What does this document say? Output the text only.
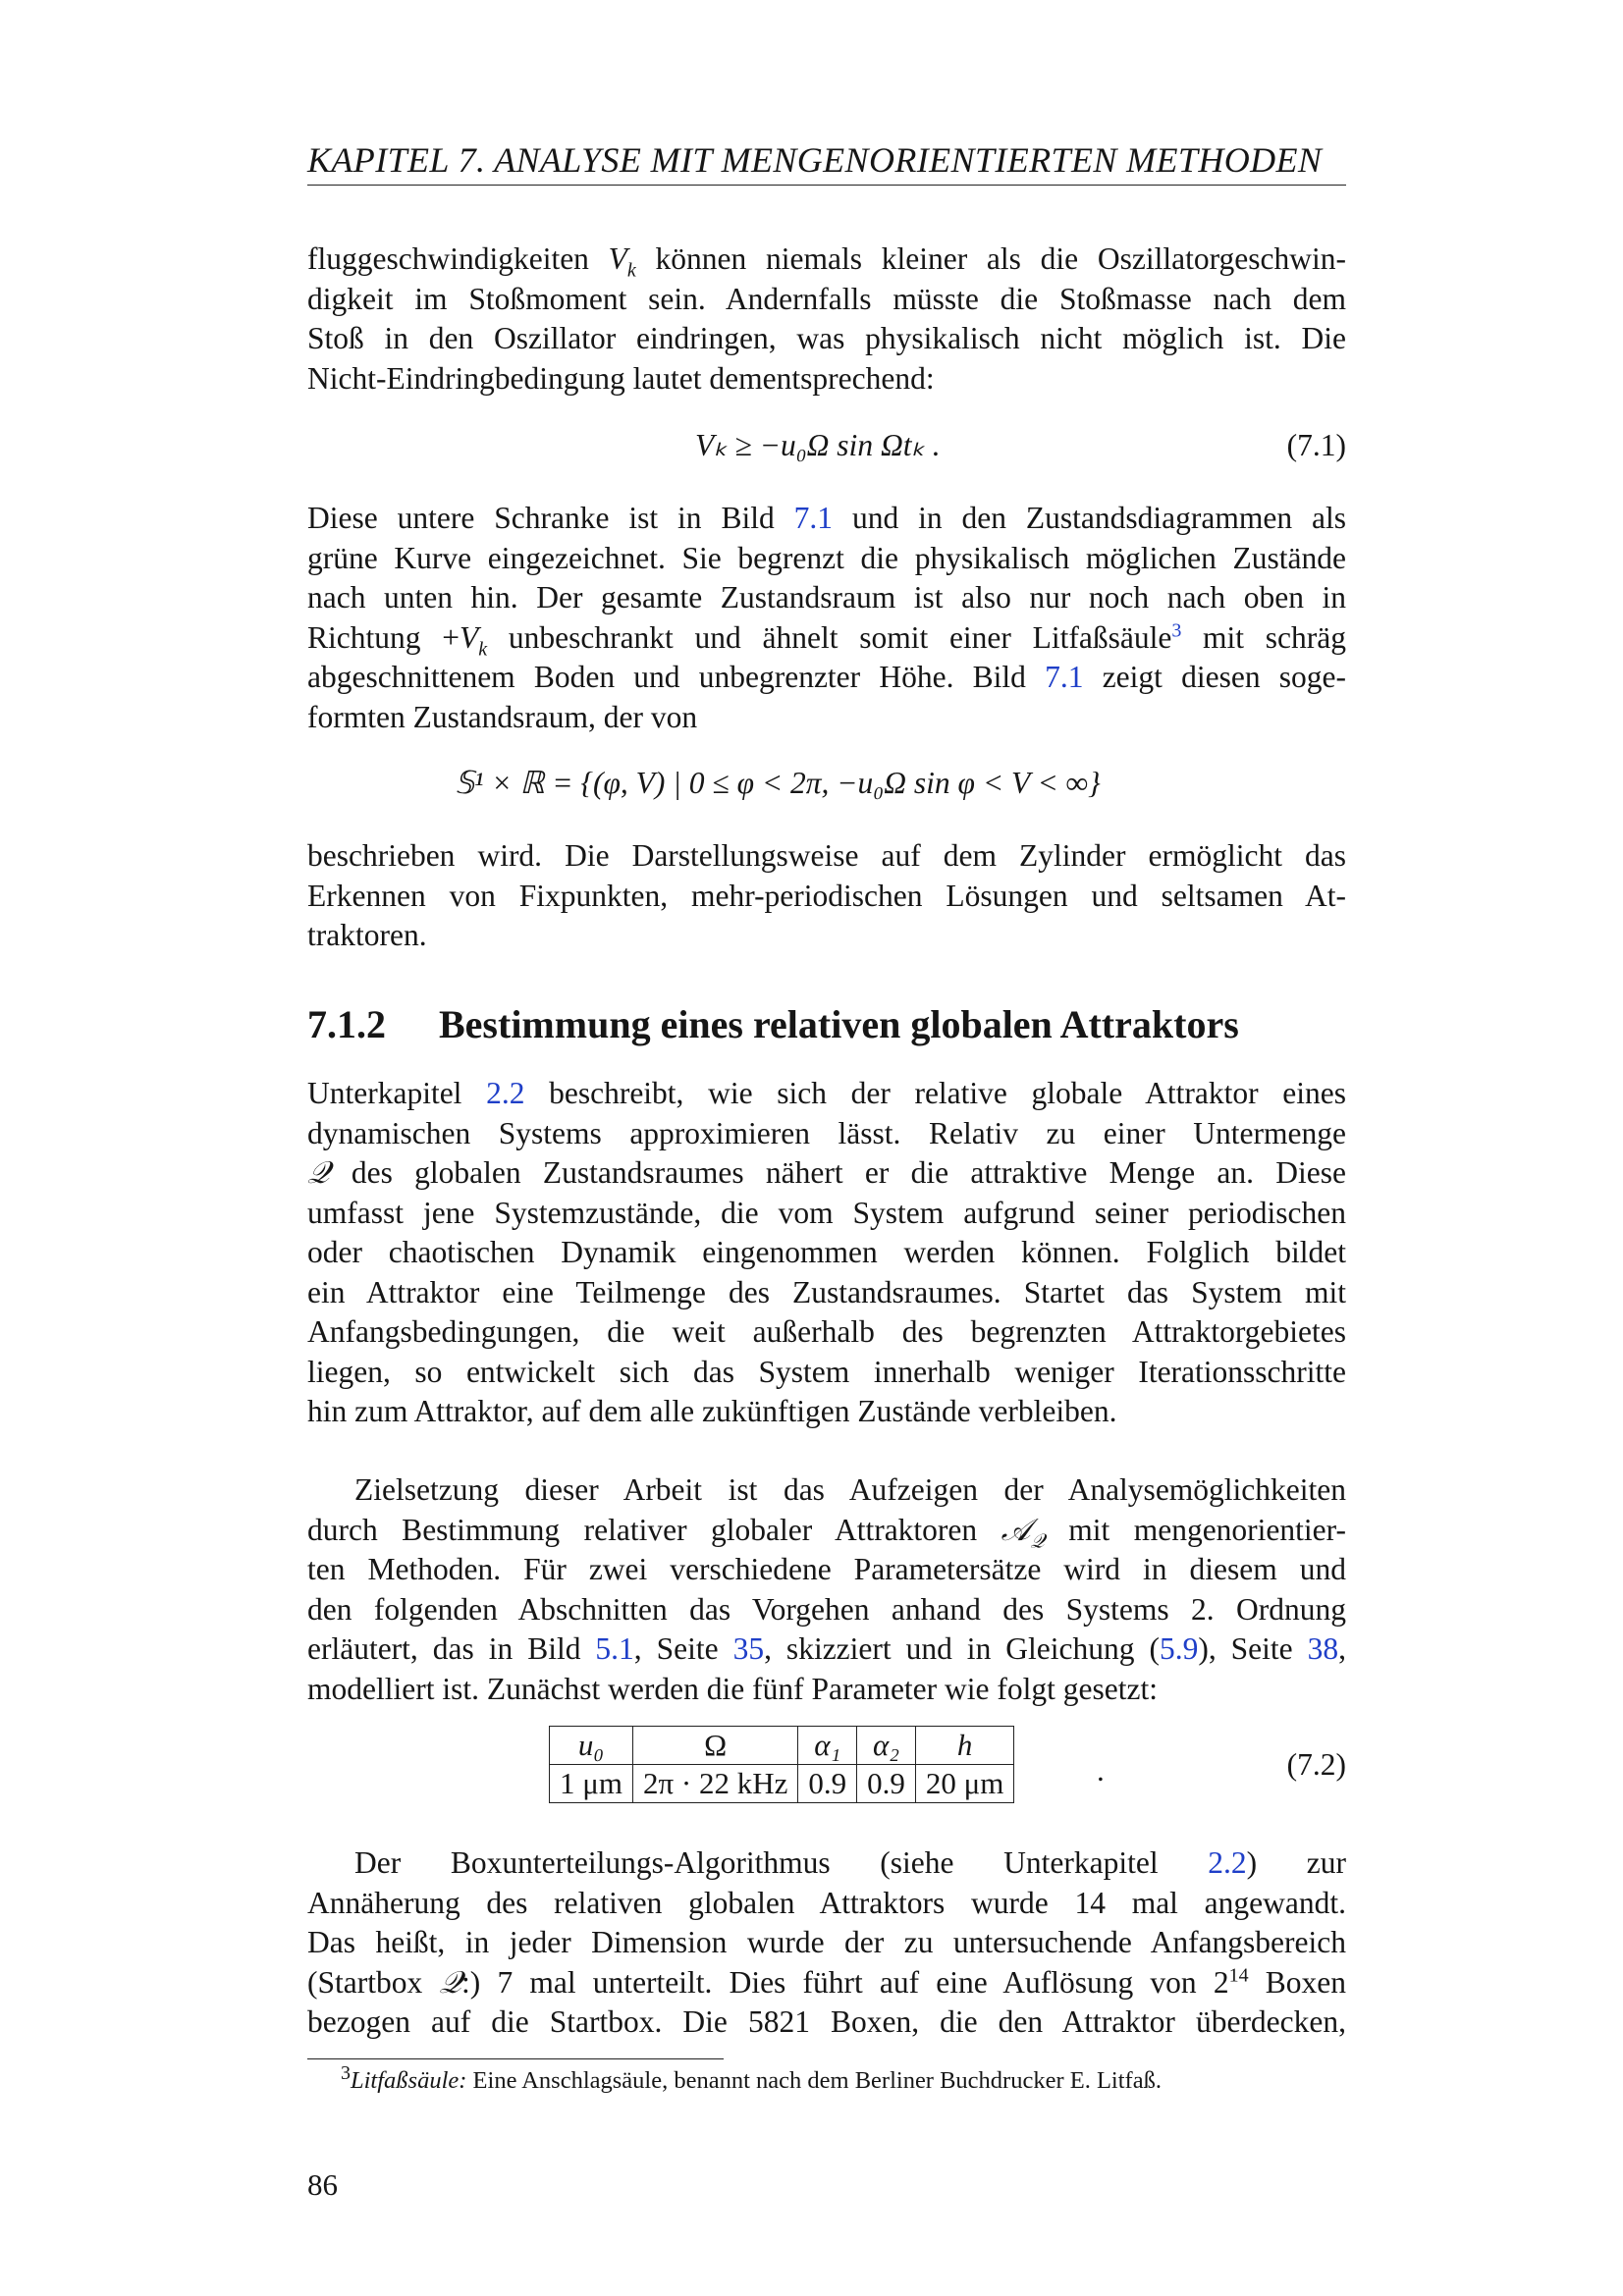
KAPITEL 7. ANALYSE MIT MENGENORIENTIERTEN METHODEN
fluggeschwindigkeiten $V_k$ können niemals kleiner als die Oszillatorgeschwin-
digkeit im Stoßmoment sein. Andernfalls müsste die Stoßmasse nach dem
Stoß in den Oszillator eindringen, was physikalisch nicht möglich ist. Die
Nicht-Eindringbedingung lautet dementsprechend:
Vₖ ≥ −u₀Ω sin Ωtₖ .	(7.1)
Diese untere Schranke ist in Bild 7.1 und in den Zustandsdiagrammen als
grüne Kurve eingezeichnet. Sie begrenzt die physikalisch möglichen Zustände
nach unten hin. Der gesamte Zustandsraum ist also nur noch nach oben in
Richtung $+V_k$ unbeschrankt und ähnelt somit einer Litfaßsäule$^3$ mit schräg
abgeschnittenem Boden und unbegrenzter Höhe. Bild 7.1 zeigt diesen soge-
formten Zustandsraum, der von
𝕊¹ × ℝ = {(φ, V) | 0 ≤ φ < 2π, −u₀Ω sin φ < V < ∞}
beschrieben wird. Die Darstellungsweise auf dem Zylinder ermöglicht das
Erkennen von Fixpunkten, mehr-periodischen Lösungen und seltsamen At-
traktoren.
7.1.2 Bestimmung eines relativen globalen Attraktors
Unterkapitel 2.2 beschreibt, wie sich der relative globale Attraktor eines
dynamischen Systems approximieren lässt. Relativ zu einer Untermenge
𝒬 des globalen Zustandsraumes nähert er die attraktive Menge an. Diese
umfasst jene Systemzustände, die vom System aufgrund seiner periodischen
oder chaotischen Dynamik eingenommen werden können. Folglich bildet
ein Attraktor eine Teilmenge des Zustandsraumes. Startet das System mit
Anfangsbedingungen, die weit außerhalb des begrenzten Attraktorgebietes
liegen, so entwickelt sich das System innerhalb weniger Iterationsschritte
hin zum Attraktor, auf dem alle zukünftigen Zustände verbleiben.
Zielsetzung dieser Arbeit ist das Aufzeigen der Analysemöglichkeiten
durch Bestimmung relativer globaler Attraktoren 𝒜$_𝒬$ mit mengenorientier-
ten Methoden. Für zwei verschiedene Parametersätze wird in diesem und
den folgenden Abschnitten das Vorgehen anhand des Systems 2. Ordnung
erläutert, das in Bild 5.1, Seite 35, skizziert und in Gleichung (5.9), Seite 38,
modelliert ist. Zunächst werden die fünf Parameter wie folgt gesetzt:
u₀	Ω	α₁	α₂	h
1 μm	2π · 22 kHz	0.9	0.9	20 μm	.	(7.2)
Der Boxunterteilungs-Algorithmus (siehe Unterkapitel 2.2) zur
Annäherung des relativen globalen Attraktors wurde 14 mal angewandt.
Das heißt, in jeder Dimension wurde der zu untersuchende Anfangsbereich
(Startbox 𝒬:) 7 mal unterteilt. Dies führt auf eine Auflösung von $2^{14}$ Boxen
bezogen auf die Startbox. Die 5821 Boxen, die den Attraktor überdecken,
$^3$Litfaßsäule: Eine Anschlagsäule, benannt nach dem Berliner Buchdrucker E. Litfaß.
86
